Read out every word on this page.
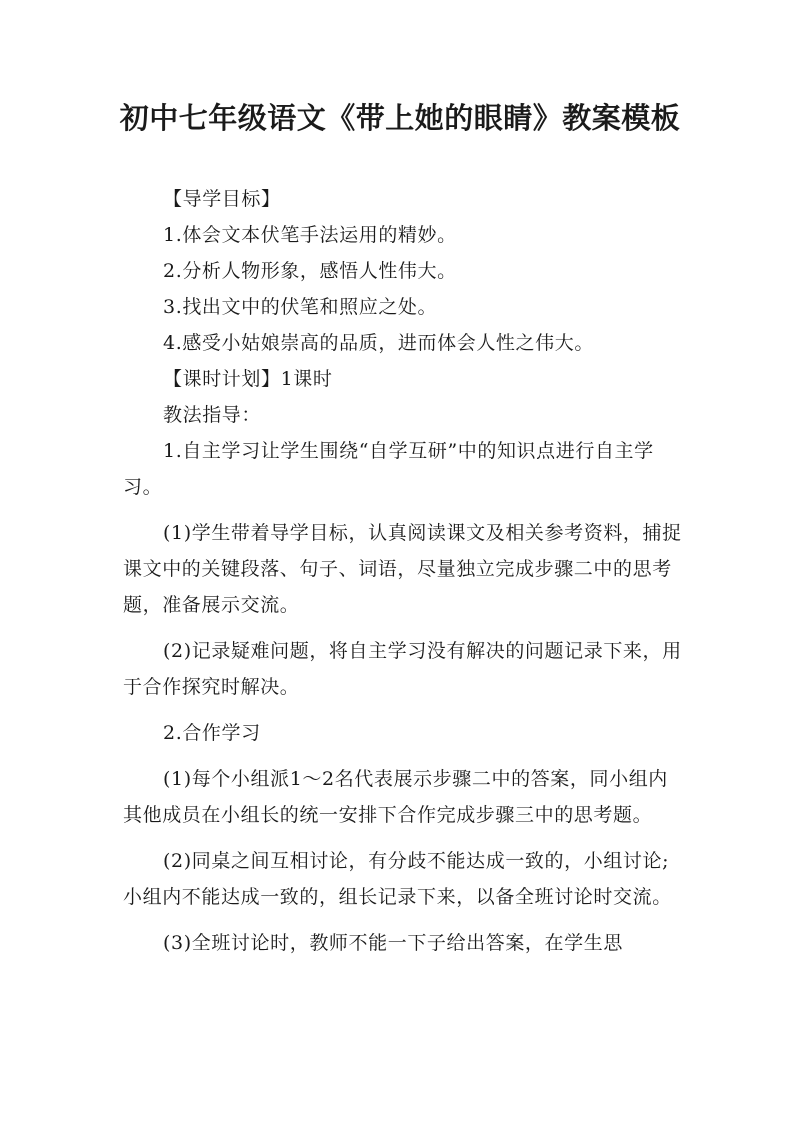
初中七年级语文《带上她的眼睛》教案模板

【导学目标】

1.体会文本伏笔手法运用的精妙。

2.分析人物形象，感悟人性伟大。

3.找出文中的伏笔和照应之处。

4.感受小姑娘崇高的品质，进而体会人性之伟大。

【课时计划】1课时

教法指导：

1.自主学习让学生围绕“自学互研”中的知识点进行自主学习。

(1)学生带着导学目标，认真阅读课文及相关参考资料，捕捉课文中的关键段落、句子、词语，尽量独立完成步骤二中的思考题，准备展示交流。

(2)记录疑难问题，将自主学习没有解决的问题记录下来，用于合作探究时解决。

2.合作学习

(1)每个小组派1～2名代表展示步骤二中的答案，同小组内其他成员在小组长的统一安排下合作完成步骤三中的思考题。

(2)同桌之间互相讨论，有分歧不能达成一致的，小组讨论;小组内不能达成一致的，组长记录下来，以备全班讨论时交流。

(3)全班讨论时，教师不能一下子给出答案，在学生思
